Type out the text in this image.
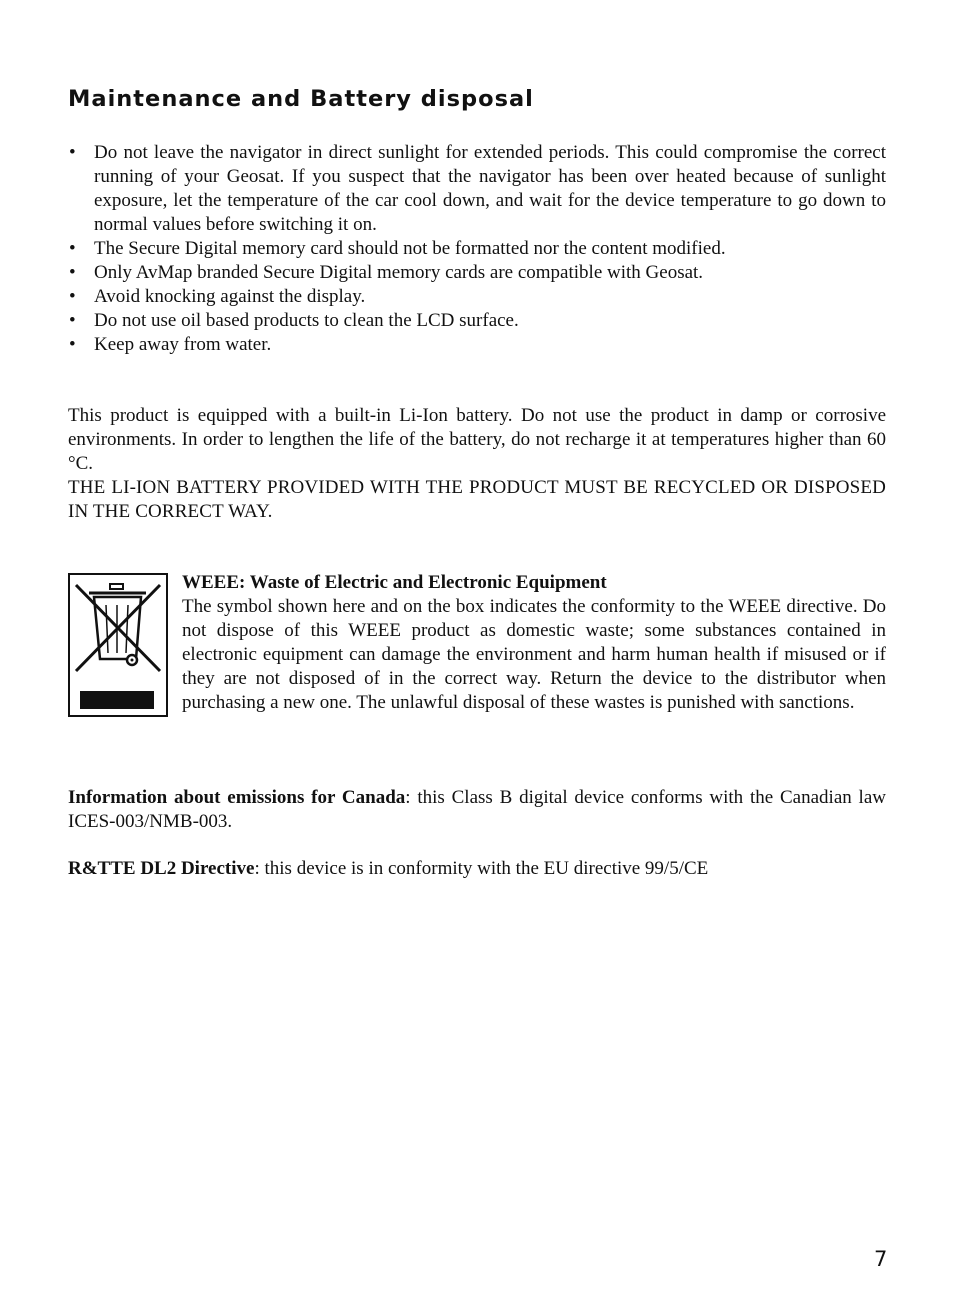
Maintenance and Battery disposal
• Do not leave the navigator in direct sunlight for extended periods. This could compromise the correct running of your Geosat. If you suspect that the navigator has been over heated because of sunlight exposure, let the temperature of the car cool down, and wait for the device temperature to go down to normal values before switching it on.
• The Secure Digital memory card should not be formatted nor the content modified.
• Only AvMap branded Secure Digital memory cards are compatible with Geosat.
• Avoid knocking against the display.
• Do not use oil based products to clean the LCD surface.
• Keep away from water.

This product is equipped with a built-in Li-Ion battery. Do not use the product in damp or corrosive environments. In order to lengthen the life of the battery, do not recharge it at temperatures higher than 60 °C.

THE LI-ION BATTERY PROVIDED WITH THE PRODUCT MUST BE RECYCLED OR DISPOSED IN THE CORRECT WAY.

WEEE: Waste of Electric and Electronic Equipment

The symbol shown here and on the box indicates the conformity to the WEEE directive. Do not dispose of this WEEE product as domestic waste; some substances contained in electronic equipment can damage the environment and harm human health if misused or if they are not disposed of in the correct way. Return the device to the distributor when purchasing a new one. The unlawful disposal of these wastes is punished with sanctions.

Information about emissions for Canada: this Class B digital device conforms with the Canadian law ICES-003/NMB-003.

R&TTE DL2 Directive: this device is in conformity with the EU directive 99/5/CE

7
